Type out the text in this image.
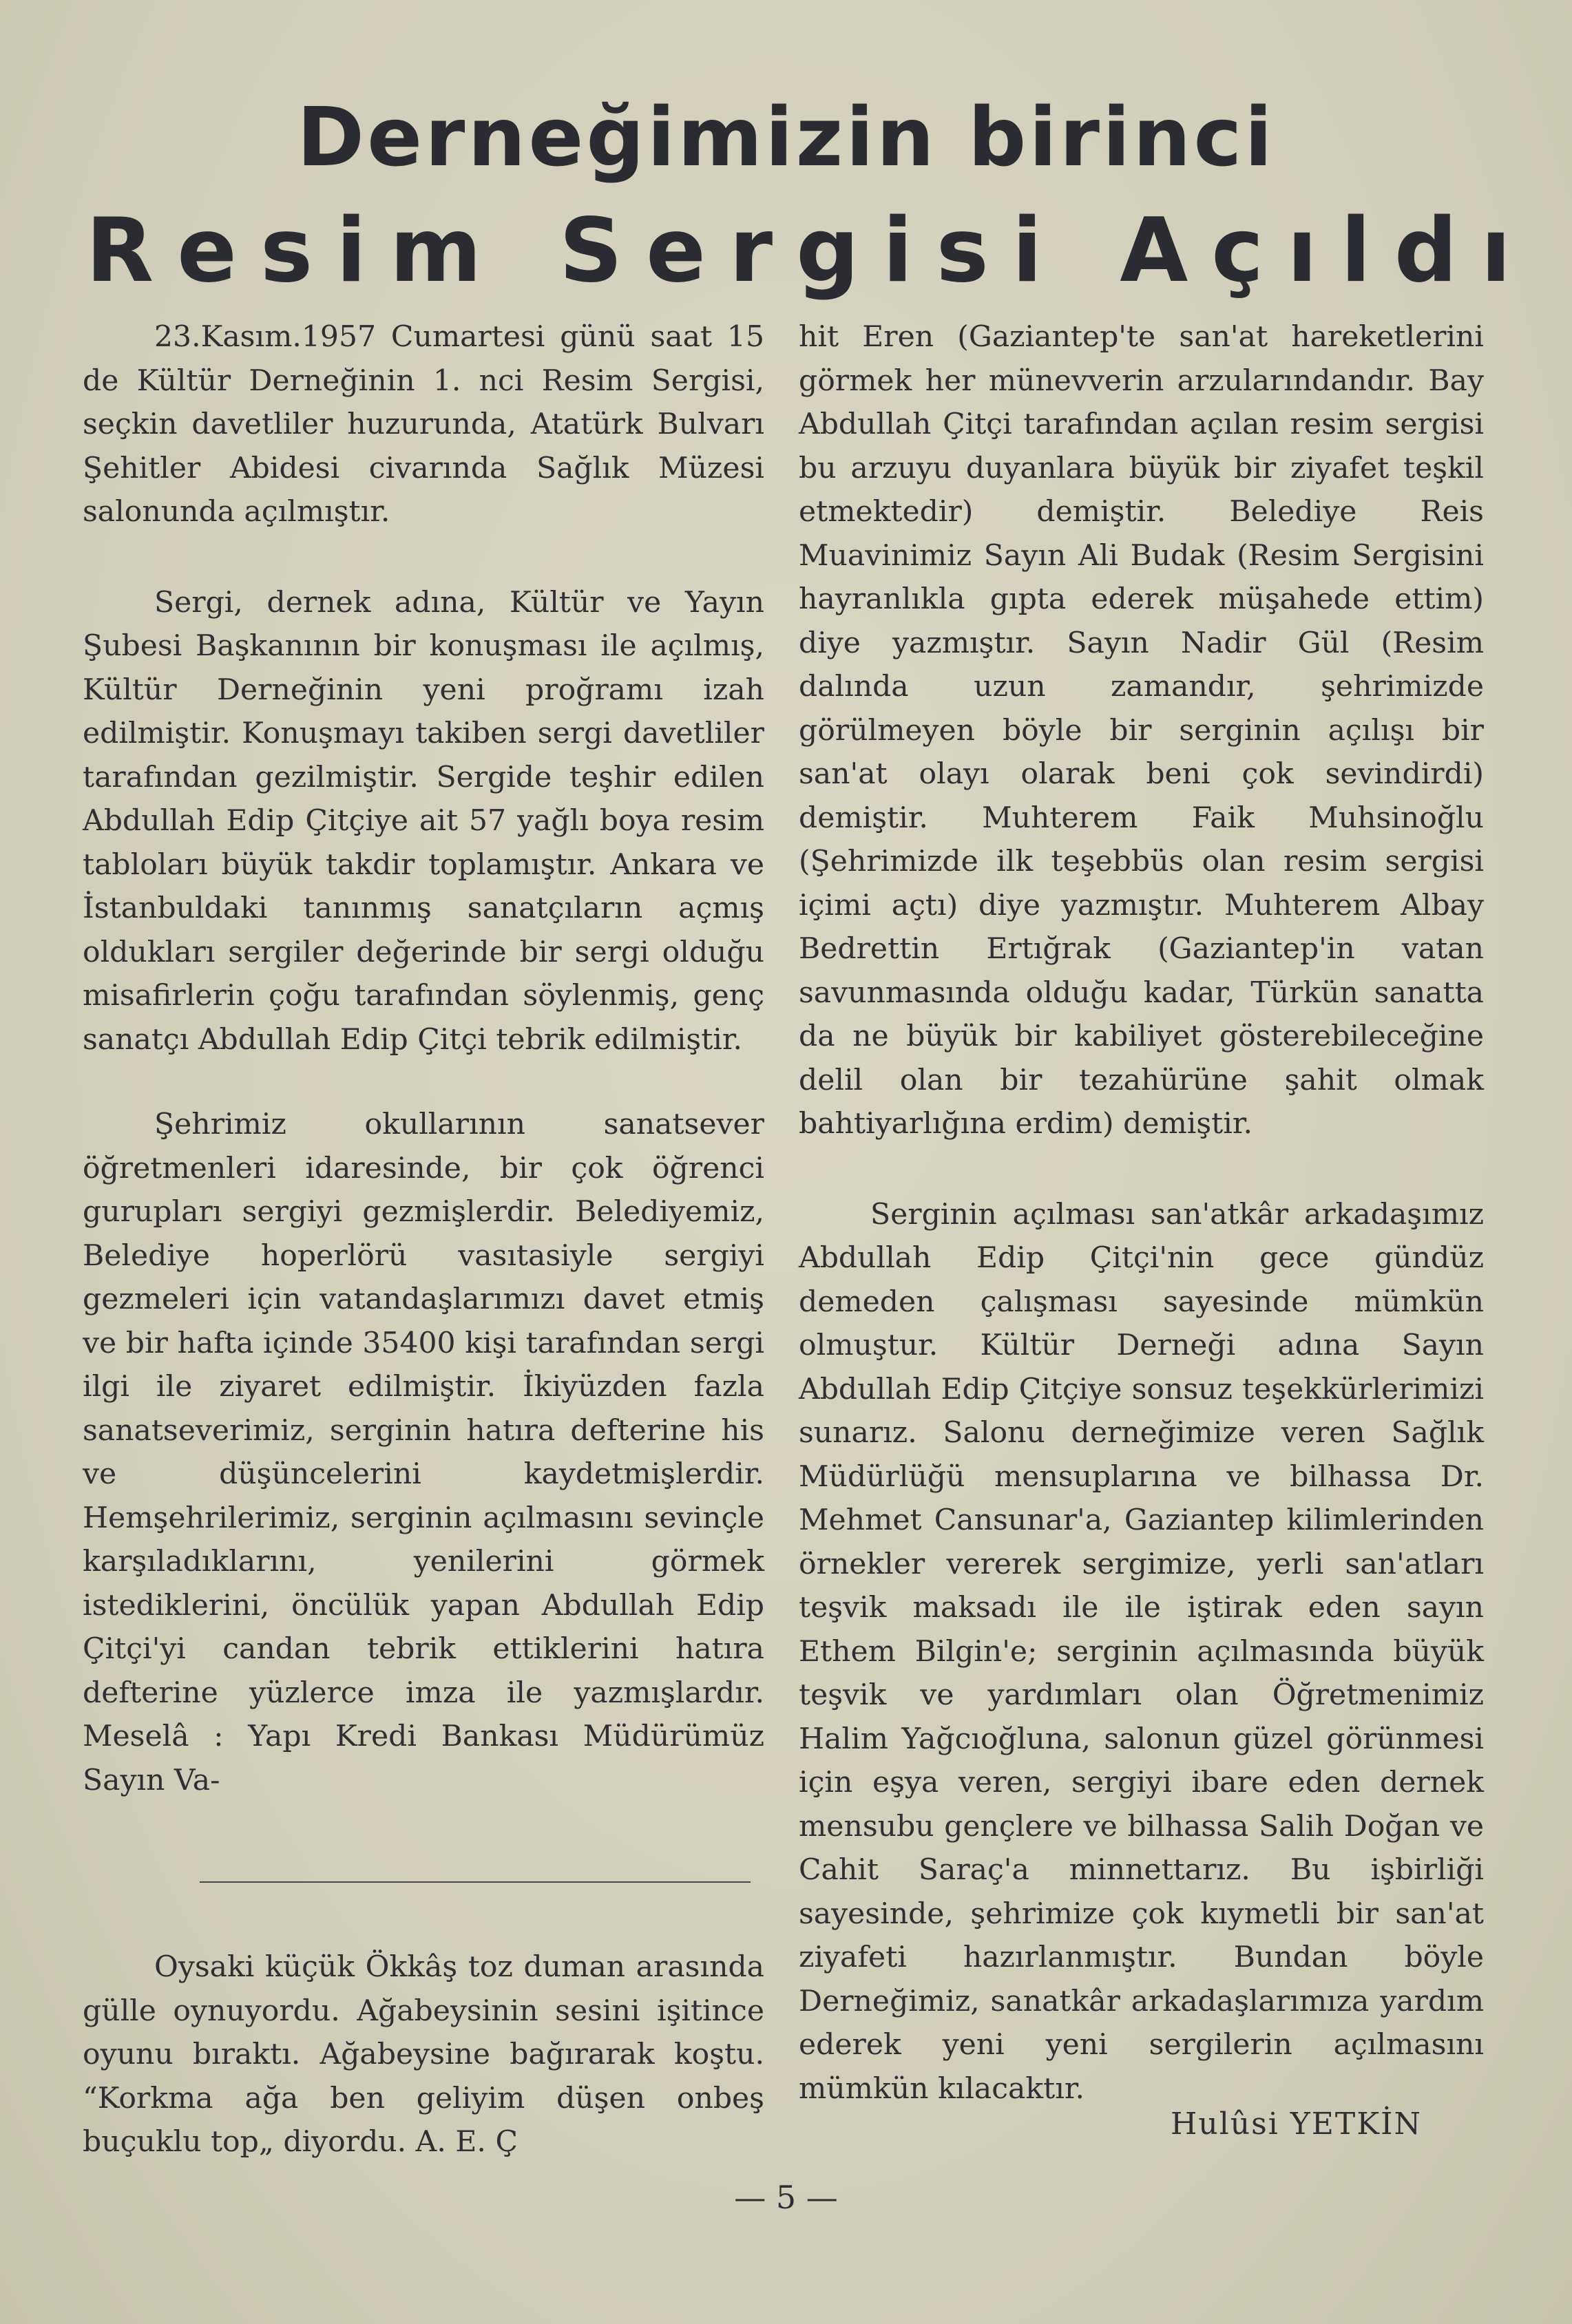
Derneğimizin birinci
Resim Sergisi Açıldı

23.Kasım.1957 Cumartesi günü saat 15 de Kültür Derneğinin 1. nci Resim Sergisi, seçkin davetliler huzurunda, Atatürk Bulvarı Şehitler Abidesi civarında Sağlık Müzesi salonunda açılmıştır.

Sergi, dernek adına, Kültür ve Yayın Şubesi Başkanının bir konuşması ile açılmış, Kültür Derneğinin yeni proğramı izah edilmiştir. Konuşmayı takiben sergi davetliler tarafından gezilmiştir. Sergide teşhir edilen Abdullah Edip Çitçiye ait 57 yağlı boya resim tabloları büyük takdir toplamıştır. Ankara ve İstanbuldaki tanınmış sanatçıların açmış oldukları sergiler değerinde bir sergi olduğu misafirlerin çoğu tarafından söylenmiş, genç sanatçı Abdullah Edip Çitçi tebrik edilmiştir.

Şehrimiz okullarının sanatsever öğretmenleri idaresinde, bir çok öğrenci gurupları sergiyi gezmişlerdir. Belediyemiz, Belediye hoperlörü vasıtasiyle sergiyi gezmeleri için vatandaşlarımızı davet etmiş ve bir hafta içinde 35400 kişi tarafından sergi ilgi ile ziyaret edilmiştir. İkiyüzden fazla sanatseverimiz, serginin hatıra defterine his ve düşüncelerini kaydetmişlerdir. Hemşehrilerimiz, serginin açılmasını sevinçle karşıladıklarını, yenilerini görmek istediklerini, öncülük yapan Abdullah Edip Çitçi'yi candan tebrik ettiklerini hatıra defterine yüzlerce imza ile yazmışlardır. Meselâ : Yapı Kredi Bankası Müdürümüz Sayın Va-

Oysaki küçük Ökkâş toz duman arasında gülle oynuyordu. Ağabeysinin sesini işitince oyunu bıraktı. Ağabeysine bağırarak koştu. “Korkma ağa ben geliyim düşen onbeş buçuklu top„ diyordu. A. E. Ç

hit Eren (Gaziantep'te san'at hareketlerini görmek her münevverin arzularındandır. Bay Abdullah Çitçi tarafından açılan resim sergisi bu arzuyu duyanlara büyük bir ziyafet teşkil etmektedir) demiştir. Belediye Reis Muavinimiz Sayın Ali Budak (Resim Sergisini hayranlıkla gıpta ederek müşahede ettim) diye yazmıştır. Sayın Nadir Gül (Resim dalında uzun zamandır, şehrimizde görülmeyen böyle bir serginin açılışı bir san'at olayı olarak beni çok sevindirdi) demiştir. Muhterem Faik Muhsinoğlu (Şehrimizde ilk teşebbüs olan resim sergisi içimi açtı) diye yazmıştır. Muhterem Albay Bedrettin Ertığrak (Gaziantep'in vatan savunmasında olduğu kadar, Türkün sanatta da ne büyük bir kabiliyet gösterebileceğine delil olan bir tezahürüne şahit olmak bahtiyarlığına erdim) demiştir.

Serginin açılması san'atkâr arkadaşımız Abdullah Edip Çitçi'nin gece gündüz demeden çalışması sayesinde mümkün olmuştur. Kültür Derneği adına Sayın Abdullah Edip Çitçiye sonsuz teşekkürlerimizi sunarız. Salonu derneğimize veren Sağlık Müdürlüğü mensuplarına ve bilhassa Dr. Mehmet Cansunar'a, Gaziantep kilimlerinden örnekler vererek sergimize, yerli san'atları teşvik maksadı ile ile iştirak eden sayın Ethem Bilgin'e; serginin açılmasında büyük teşvik ve yardımları olan Öğretmenimiz Halim Yağcıoğluna, salonun güzel görünmesi için eşya veren, sergiyi ibare eden dernek mensubu gençlere ve bilhassa Salih Doğan ve Cahit Saraç'a minnettarız. Bu işbirliği sayesinde, şehrimize çok kıymetli bir san'at ziyafeti hazırlanmıştır. Bundan böyle Derneğimiz, sanatkâr arkadaşlarımıza yardım ederek yeni yeni sergilerin açılmasını mümkün kılacaktır.

Hulûsi YETKİN
— 5 —
